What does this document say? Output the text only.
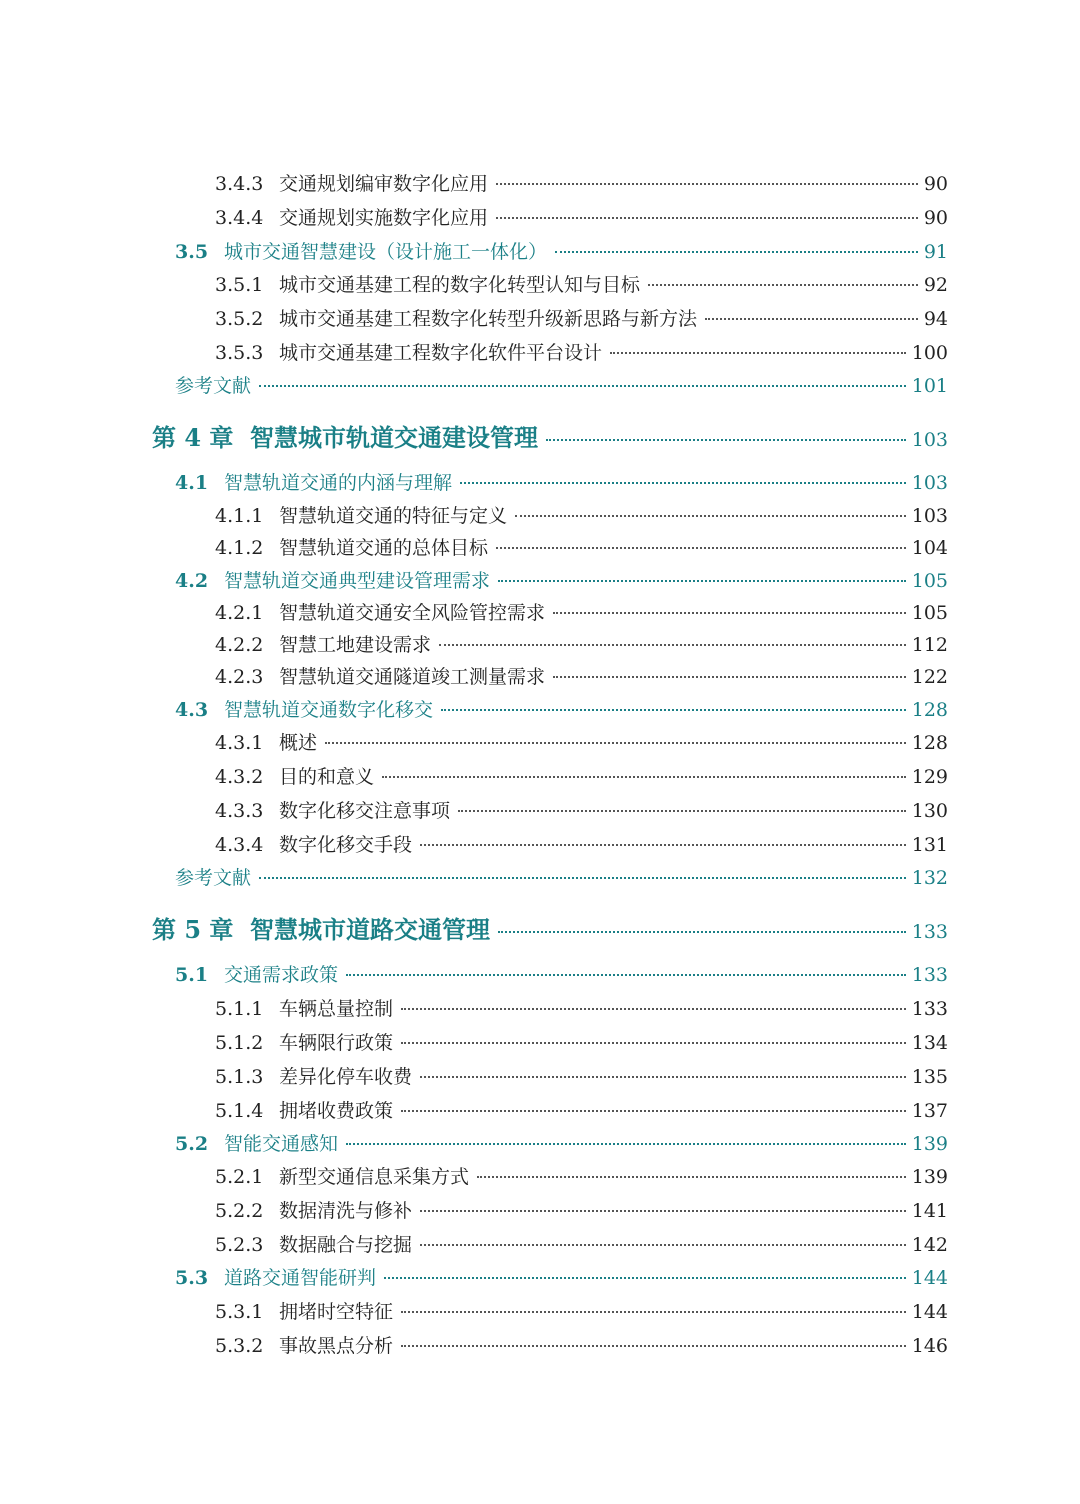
3.4.3 交通规划编审数字化应用	90
3.4.4 交通规划实施数字化应用	90
3.5 城市交通智慧建设（设计施工一体化）	91
3.5.1 城市交通基建工程的数字化转型认知与目标	92
3.5.2 城市交通基建工程数字化转型升级新思路与新方法	94
3.5.3 城市交通基建工程数字化软件平台设计	100
参考文献	101
第 4 章 智慧城市轨道交通建设管理	103
4.1 智慧轨道交通的内涵与理解	103
4.1.1 智慧轨道交通的特征与定义	103
4.1.2 智慧轨道交通的总体目标	104
4.2 智慧轨道交通典型建设管理需求	105
4.2.1 智慧轨道交通安全风险管控需求	105
4.2.2 智慧工地建设需求	112
4.2.3 智慧轨道交通隧道竣工测量需求	122
4.3 智慧轨道交通数字化移交	128
4.3.1 概述	128
4.3.2 目的和意义	129
4.3.3 数字化移交注意事项	130
4.3.4 数字化移交手段	131
参考文献	132
第 5 章 智慧城市道路交通管理	133
5.1 交通需求政策	133
5.1.1 车辆总量控制	133
5.1.2 车辆限行政策	134
5.1.3 差异化停车收费	135
5.1.4 拥堵收费政策	137
5.2 智能交通感知	139
5.2.1 新型交通信息采集方式	139
5.2.2 数据清洗与修补	141
5.2.3 数据融合与挖掘	142
5.3 道路交通智能研判	144
5.3.1 拥堵时空特征	144
5.3.2 事故黑点分析	146
